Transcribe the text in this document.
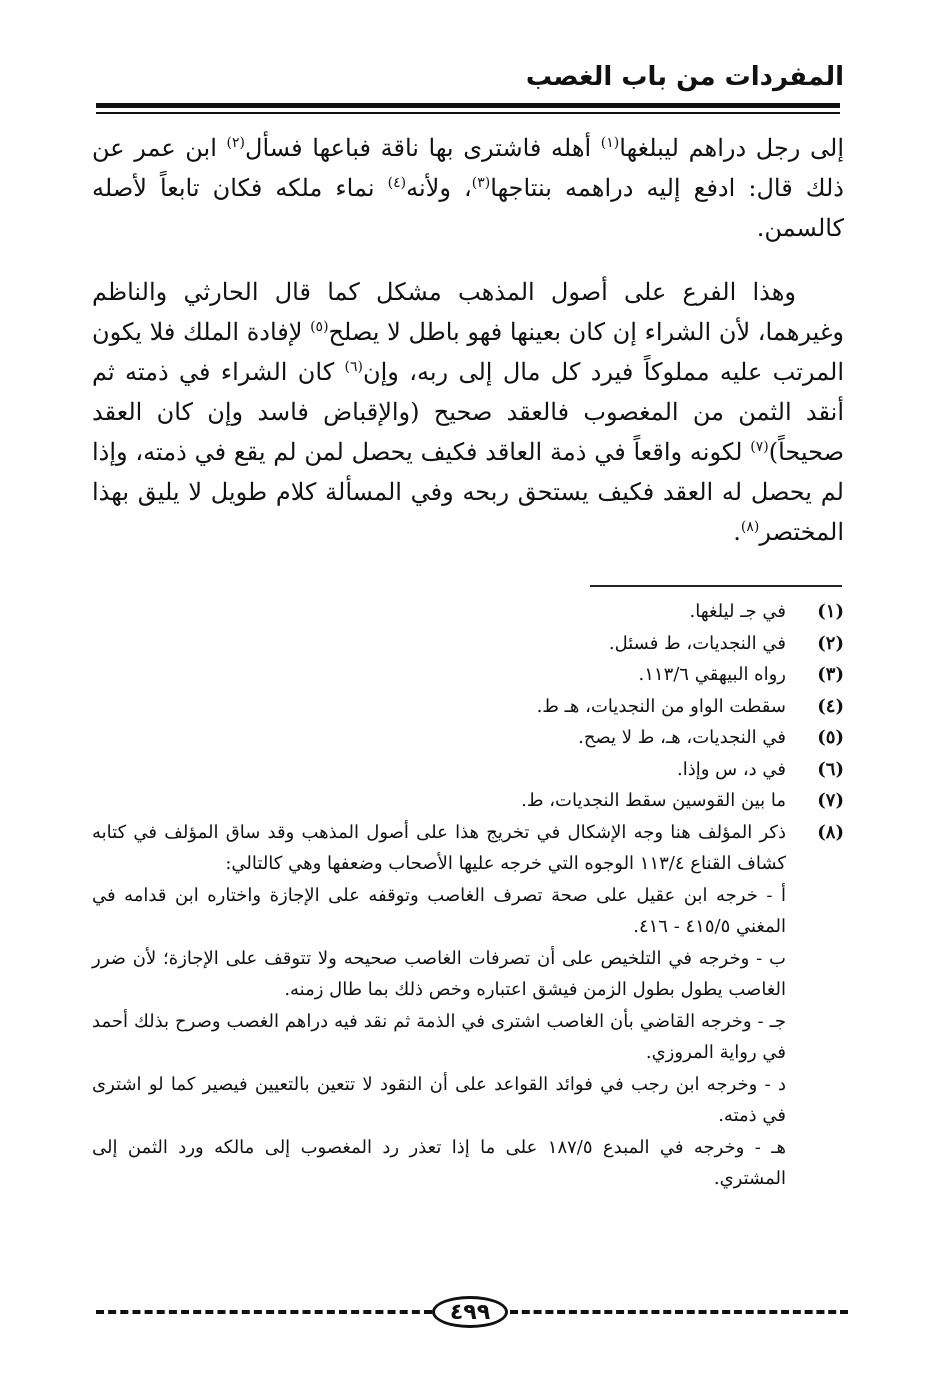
المفردات من باب الغصب

إلى رجل دراهم ليبلغها$^{(١)}$ أهله فاشترى بها ناقة فباعها فسأل$^{(٢)}$ ابن عمر عن ذلك قال: ادفع إليه دراهمه بنتاجها$^{(٣)}$، ولأنه$^{(٤)}$ نماء ملكه فكان تابعاً لأصله كالسمن.

وهذا الفرع على أصول المذهب مشكل كما قال الحارثي والناظم وغيرهما، لأن الشراء إن كان بعينها فهو باطل لا يصلح$^{(٥)}$ لإفادة الملك فلا يكون المرتب عليه مملوكاً فيرد كل مال إلى ربه، وإن$^{(٦)}$ كان الشراء في ذمته ثم أنقد الثمن من المغصوب فالعقد صحيح (والإقباض فاسد وإن كان العقد صحيحاً)$^{(٧)}$ لكونه واقعاً في ذمة العاقد فكيف يحصل لمن لم يقع في ذمته، وإذا لم يحصل له العقد فكيف يستحق ربحه وفي المسألة كلام طويل لا يليق بهذا المختصر$^{(٨)}$.

(١)
في جـ ليلغها.
(٢)
في النجديات، ط فسئل.
(٣)
رواه البيهقي ١١٣/٦.
(٤)
سقطت الواو من النجديات، هـ ط.
(٥)
في النجديات، هـ، ط لا يصح.
(٦)
في د، س وإذا.
(٧)
ما بين القوسين سقط النجديات، ط.
(٨)
ذكر المؤلف هنا وجه الإشكال في تخريج هذا على أصول المذهب وقد ساق المؤلف في كتابه كشاف القناع ١١٣/٤ الوجوه التي خرجه عليها الأصحاب وضعفها وهي كالتالي:

أ - خرجه ابن عقيل على صحة تصرف الغاصب وتوقفه على الإجازة واختاره ابن قدامه في المغني ٤١٥/٥ - ٤١٦.

ب - وخرجه في التلخيص على أن تصرفات الغاصب صحيحه ولا تتوقف على الإجازة؛ لأن ضرر الغاصب يطول بطول الزمن فيشق اعتباره وخص ذلك بما طال زمنه.

جـ - وخرجه القاضي بأن الغاصب اشترى في الذمة ثم نقد فيه دراهم الغصب وصرح بذلك أحمد في رواية المروزي.

د - وخرجه ابن رجب في فوائد القواعد على أن النقود لا تتعين بالتعيين فيصير كما لو اشترى في ذمته.

هـ - وخرجه في المبدع ١٨٧/٥ على ما إذا تعذر رد المغصوب إلى مالكه ورد الثمن إلى المشتري.

٤٩٩
